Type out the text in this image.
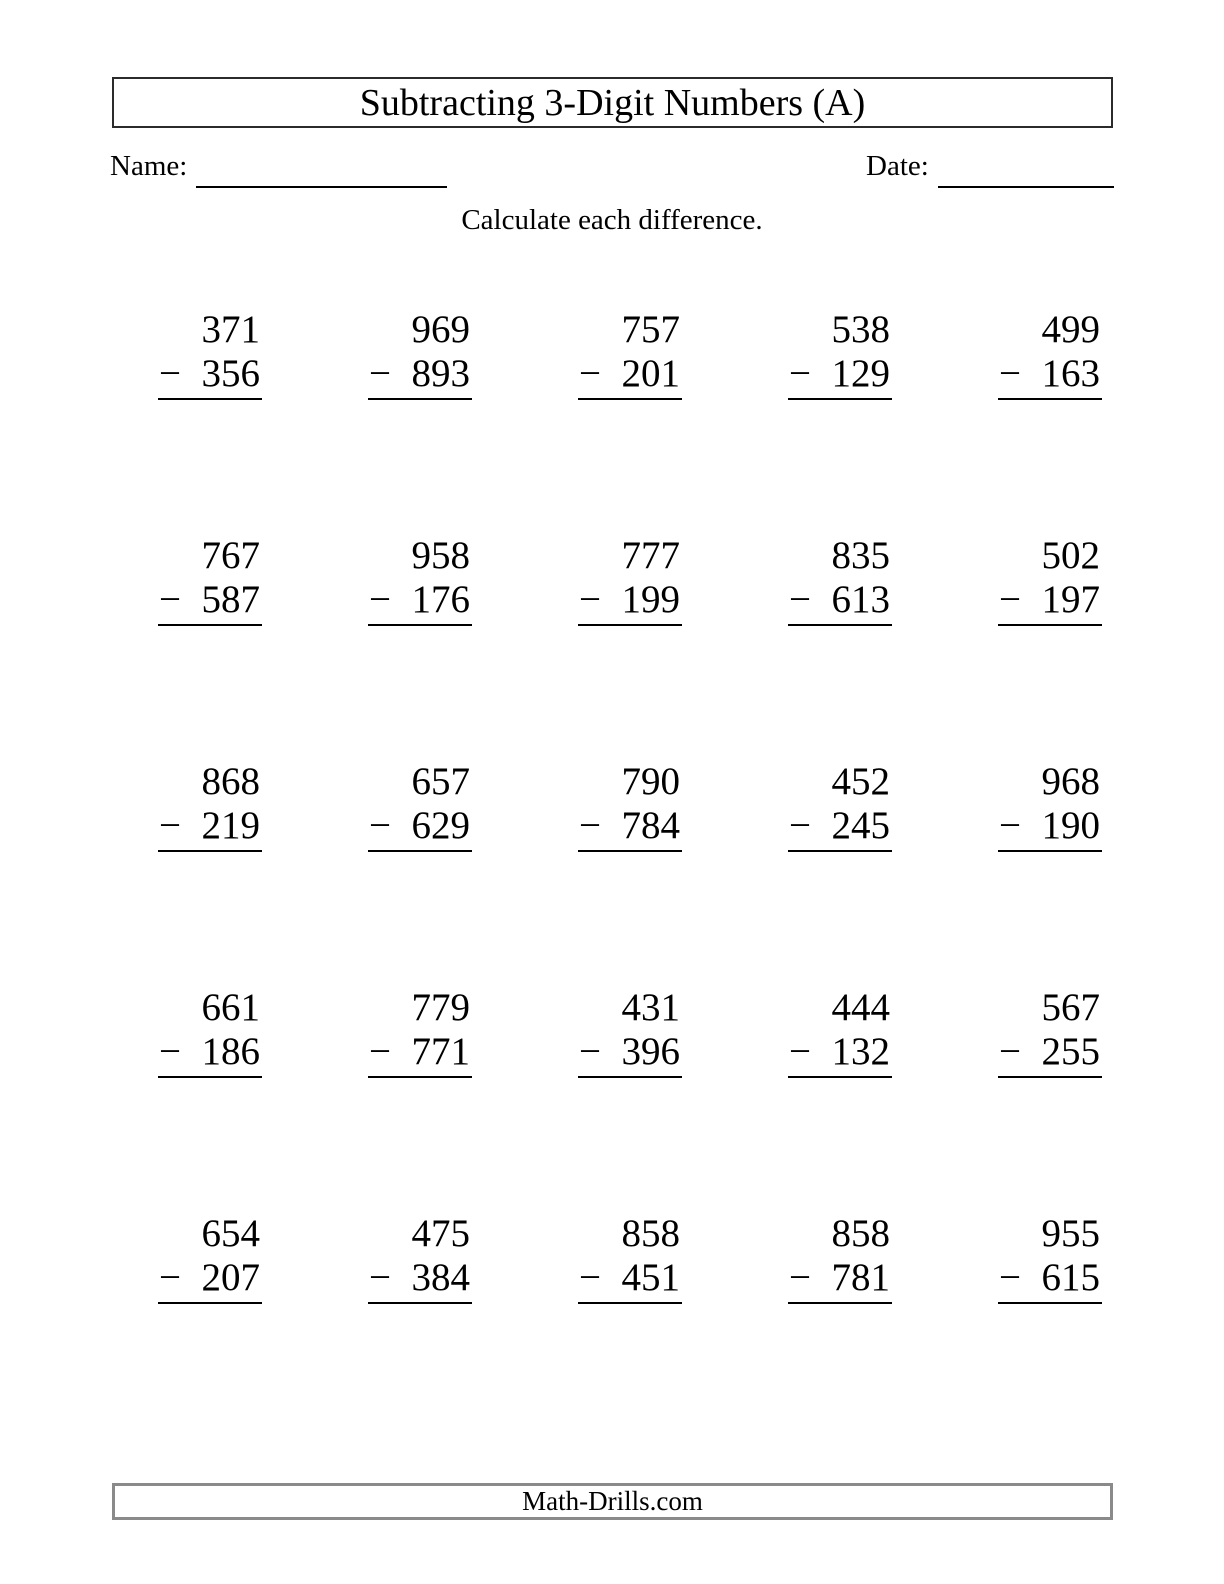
Subtracting 3-Digit Numbers (A)
Name:	Date:
Calculate each difference.
371
− 356
969
− 893
757
− 201
538
− 129
499
− 163
767
− 587
958
− 176
777
− 199
835
− 613
502
− 197
868
− 219
657
− 629
790
− 784
452
− 245
968
− 190
661
− 186
779
− 771
431
− 396
444
− 132
567
− 255
654
− 207
475
− 384
858
− 451
858
− 781
955
− 615
Math-Drills.com
